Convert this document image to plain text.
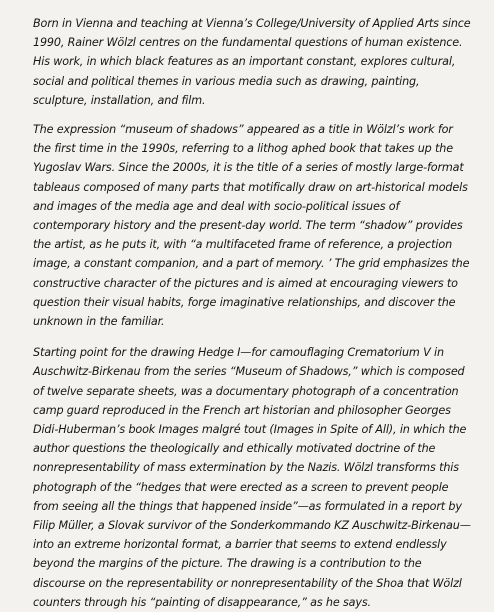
Born in Vienna and teaching at Vienna’s College/University of Applied Arts since 1990, Rainer Wölzl centres on the fundamental questions of human existence. His work, in which black features as an important constant, explores cultural, social and political themes in various media such as drawing, painting, sculpture, installation, and film.

The expression “museum of shadows” appeared as a title in Wölzl’s work for the first time in the 1990s, referring to a lithog aphed book that takes up the Yugoslav Wars. Since the 2000s, it is the title of a series of mostly large-format tableaus composed of many parts that motifically draw on art-historical models and images of the media age and deal with socio-political issues of contemporary history and the present-day world. The term “shadow” provides the artist, as he puts it, with “a multifaceted frame of reference, a projection image, a constant companion, and a part of memory. ’ The grid emphasizes the constructive character of the pictures and is aimed at encouraging viewers to question their visual habits, forge imaginative relationships, and discover the unknown in the familiar.

Starting point for the drawing Hedge I—for camouflaging Crematorium V in Auschwitz-Birkenau from the series “Museum of Shadows,” which is composed of twelve separate sheets, was a documentary photograph of a concentration camp guard reproduced in the French art historian and philosopher Georges Didi-Huberman’s book Images malgré tout (Images in Spite of All), in which the author questions the theologically and ethically motivated doctrine of the nonrepresentability of mass extermination by the Nazis. Wölzl transforms this photograph of the “hedges that were erected as a screen to prevent people from seeing all the things that happened inside”—as formulated in a report by Filip Müller, a Slovak survivor of the Sonderkommando KZ Auschwitz-Birkenau—into an extreme horizontal format, a barrier that seems to extend endlessly beyond the margins of the picture. The drawing is a contribution to the discourse on the representability or nonrepresentability of the Shoa that Wölzl counters through his “painting of disappearance,” as he says.
